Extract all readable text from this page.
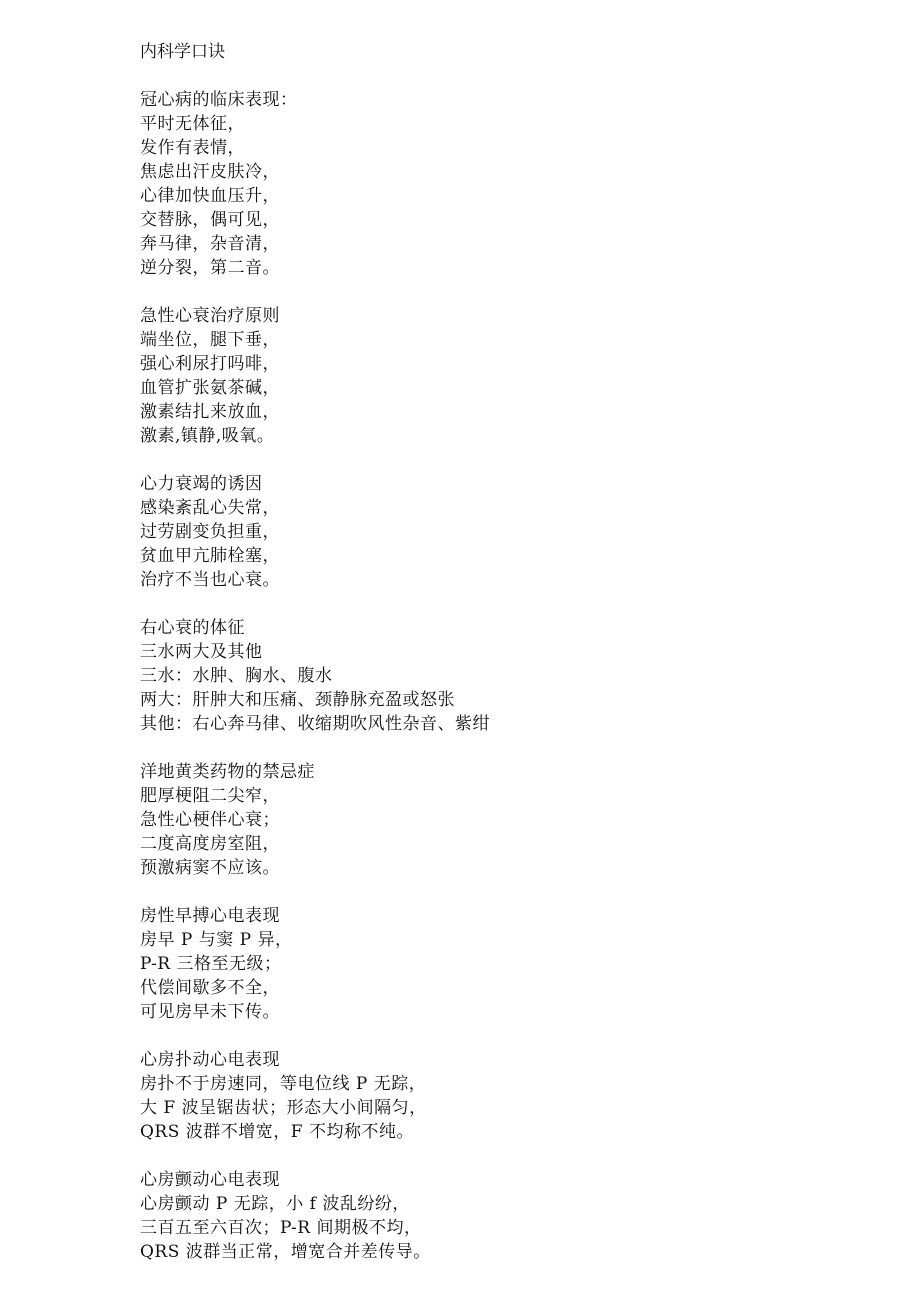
内科学口诀
冠心病的临床表现：
平时无体征，
发作有表情，
焦虑出汗皮肤冷，
心律加快血压升，
交替脉，偶可见，
奔马律，杂音清，
逆分裂，第二音。
急性心衰治疗原则
端坐位，腿下垂，
强心利尿打吗啡，
血管扩张氨茶碱，
激素结扎来放血，
激素,镇静,吸氧。
心力衰竭的诱因
感染紊乱心失常，
过劳剧变负担重，
贫血甲亢肺栓塞，
治疗不当也心衰。
右心衰的体征
三水两大及其他
三水：水肿、胸水、腹水
两大：肝肿大和压痛、颈静脉充盈或怒张
其他：右心奔马律、收缩期吹风性杂音、紫绀
洋地黄类药物的禁忌症
肥厚梗阻二尖窄，
急性心梗伴心衰；
二度高度房室阻，
预激病窦不应该。
房性早搏心电表现
房早 P 与窦 P 异，
P-R 三格至无级；
代偿间歇多不全，
可见房早未下传。
心房扑动心电表现
房扑不于房速同，等电位线 P 无踪，
大 F 波呈锯齿状；形态大小间隔匀，
QRS 波群不增宽，F 不均称不纯。
心房颤动心电表现
心房颤动 P 无踪，小 f 波乱纷纷，
三百五至六百次；P-R 间期极不均，
QRS 波群当正常，增宽合并差传导。
